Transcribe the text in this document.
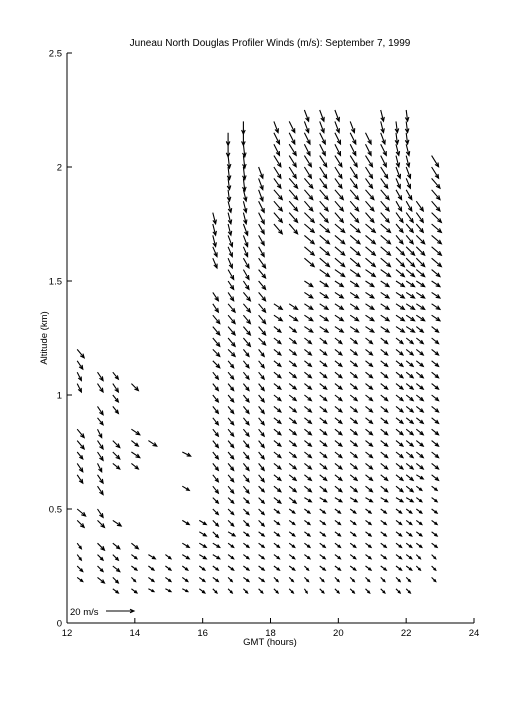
Juneau North Douglas Profiler Winds (m/s): September 7, 1999
12	14	16	18	20	22	24
0
0.5
1
1.5
2
2.5
20 m/s
GMT (hours)
Altitude (km)
